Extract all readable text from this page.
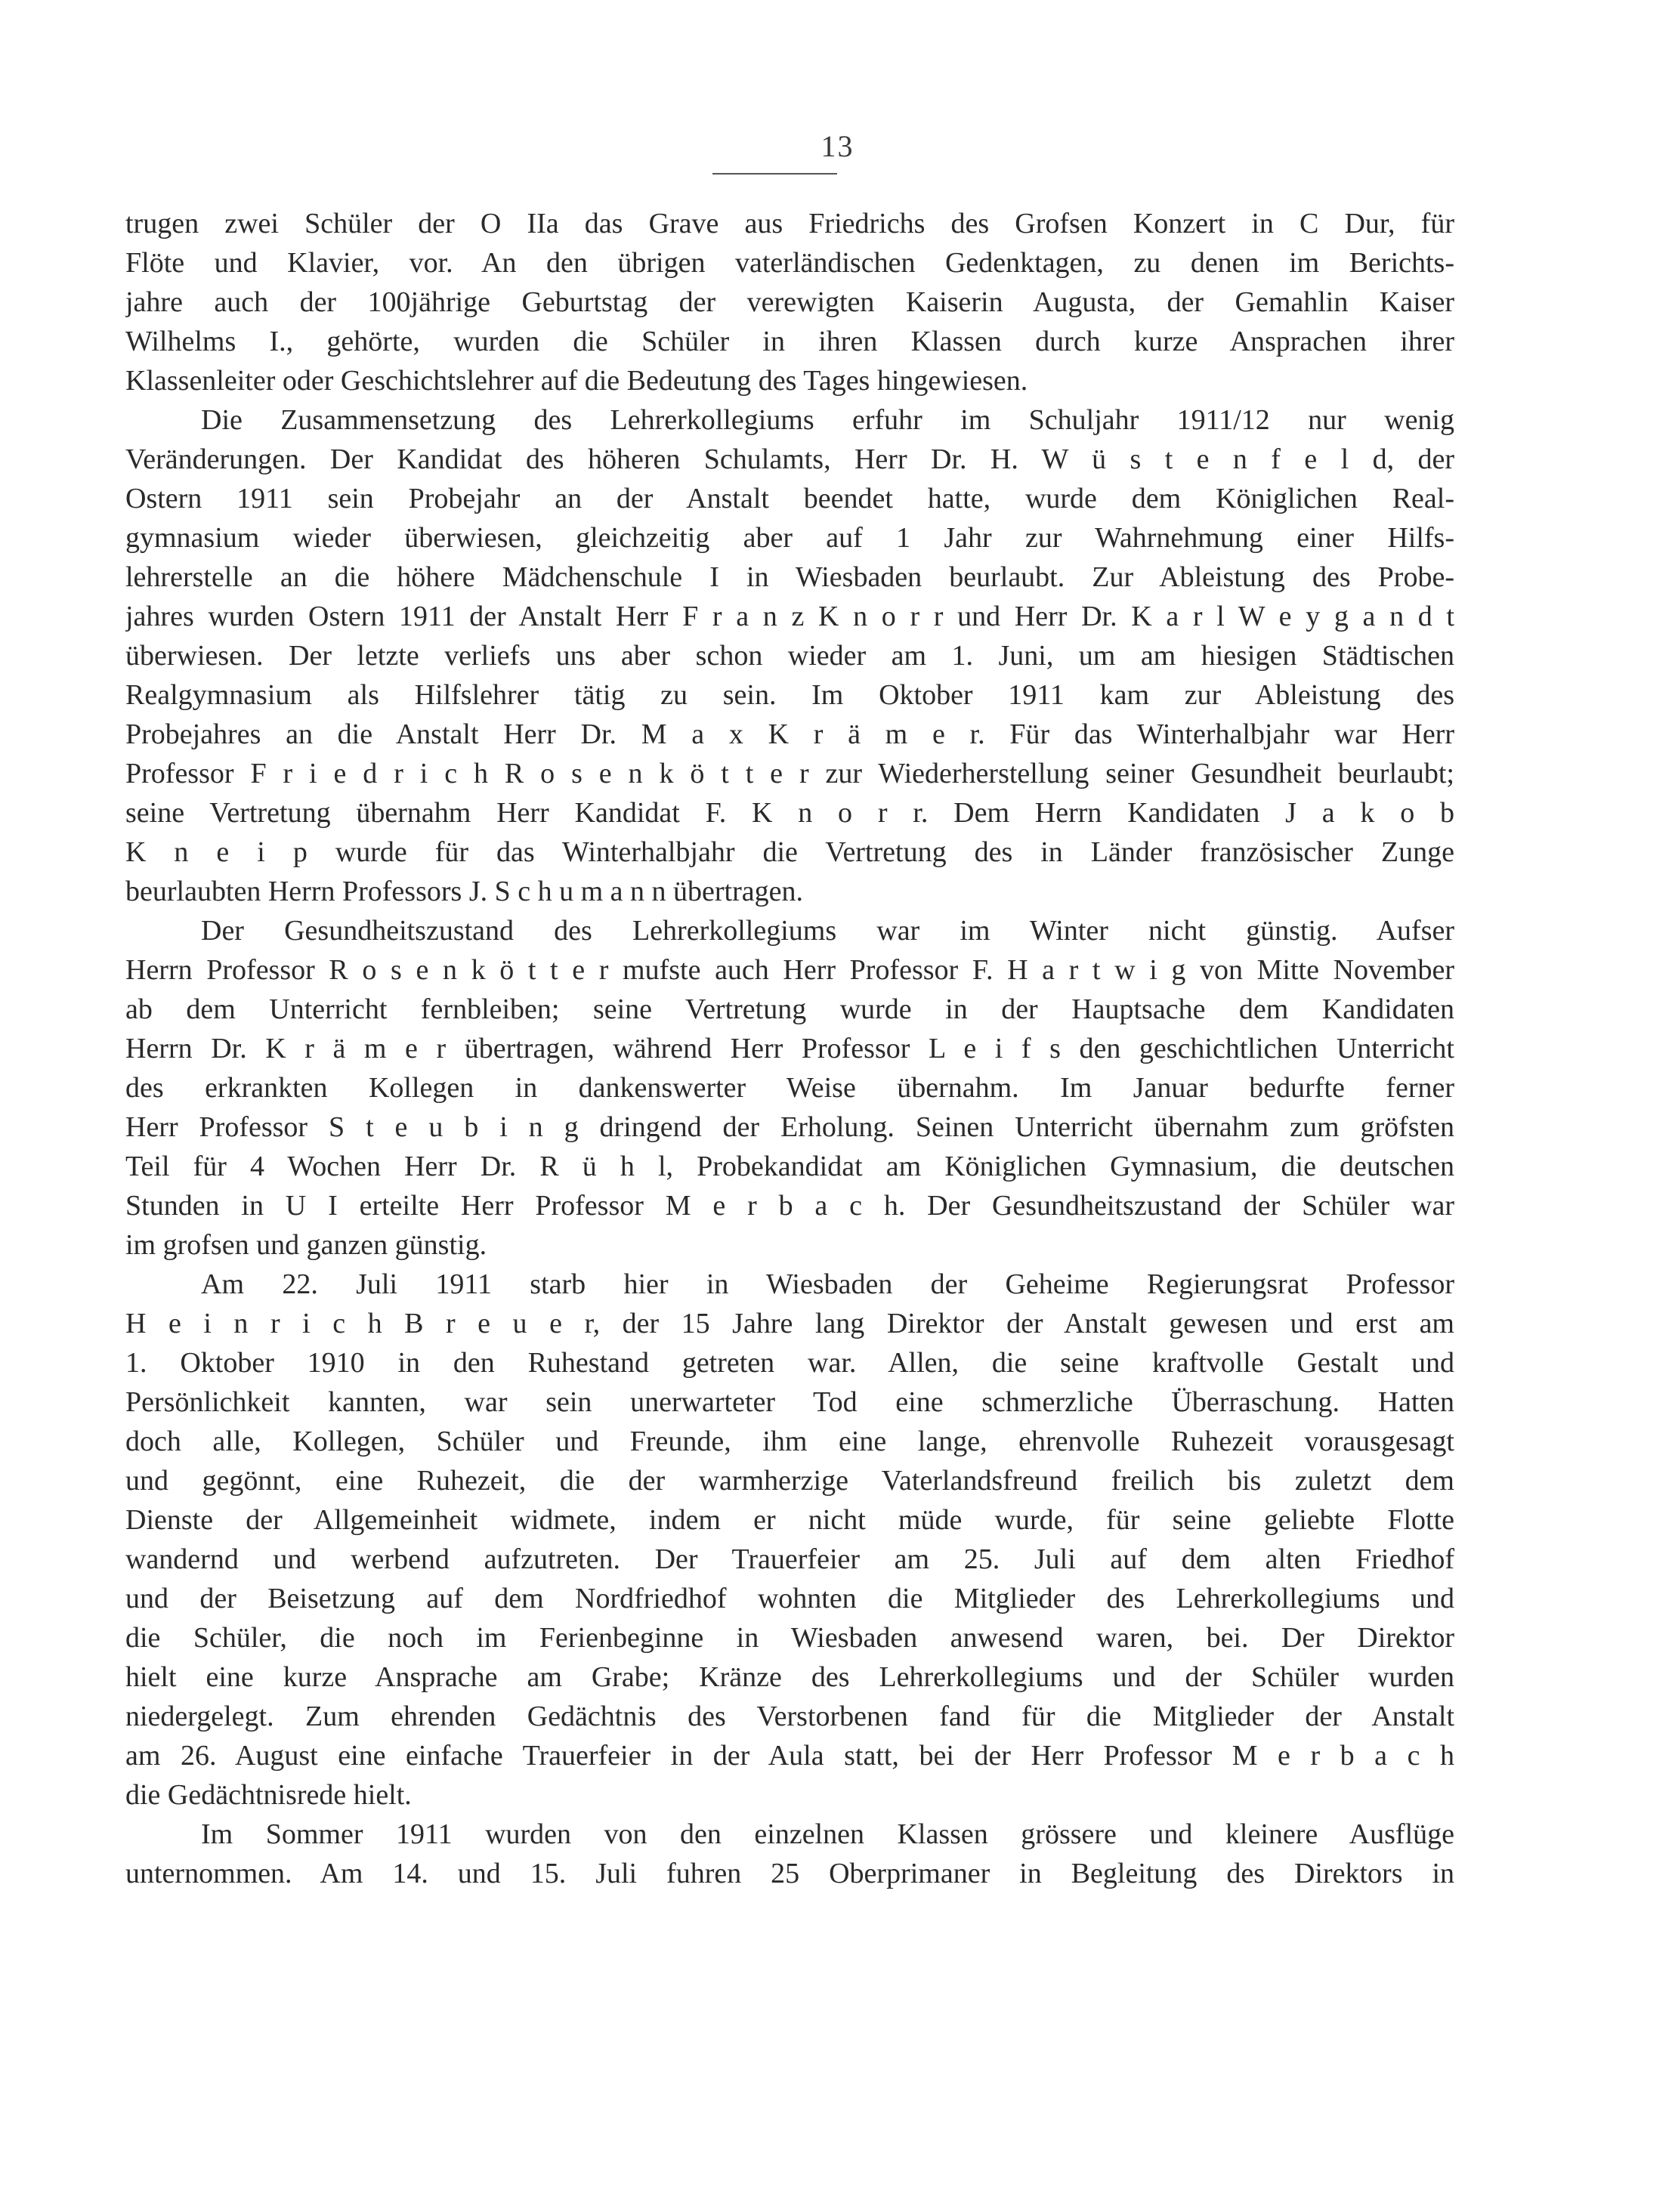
13
trugen zwei Schüler der O IIa das Grave aus Friedrichs des Grofsen Konzert in C Dur, für
Flöte und Klavier, vor. An den übrigen vaterländischen Gedenktagen, zu denen im Berichts-
jahre auch der 100jährige Geburtstag der verewigten Kaiserin Augusta, der Gemahlin Kaiser
Wilhelms I., gehörte, wurden die Schüler in ihren Klassen durch kurze Ansprachen ihrer
Klassenleiter oder Geschichtslehrer auf die Bedeutung des Tages hingewiesen.
Die Zusammensetzung des Lehrerkollegiums erfuhr im Schuljahr 1911/12 nur wenig
Veränderungen. Der Kandidat des höheren Schulamts, Herr Dr. H. W ü s t e n f e l d, der
Ostern 1911 sein Probejahr an der Anstalt beendet hatte, wurde dem Königlichen Real-
gymnasium wieder überwiesen, gleichzeitig aber auf 1 Jahr zur Wahrnehmung einer Hilfs-
lehrerstelle an die höhere Mädchenschule I in Wiesbaden beurlaubt. Zur Ableistung des Probe-
jahres wurden Ostern 1911 der Anstalt Herr F r a n z K n o r r und Herr Dr. K a r l W e y g a n d t
überwiesen. Der letzte verliefs uns aber schon wieder am 1. Juni, um am hiesigen Städtischen
Realgymnasium als Hilfslehrer tätig zu sein. Im Oktober 1911 kam zur Ableistung des
Probejahres an die Anstalt Herr Dr. M a x K r ä m e r. Für das Winterhalbjahr war Herr
Professor F r i e d r i c h R o s e n k ö t t e r zur Wiederherstellung seiner Gesundheit beurlaubt;
seine Vertretung übernahm Herr Kandidat F. K n o r r. Dem Herrn Kandidaten J a k o b
K n e i p wurde für das Winterhalbjahr die Vertretung des in Länder französischer Zunge
beurlaubten Herrn Professors J. S c h u m a n n übertragen.
Der Gesundheitszustand des Lehrerkollegiums war im Winter nicht günstig. Aufser
Herrn Professor R o s e n k ö t t e r mufste auch Herr Professor F. H a r t w i g von Mitte November
ab dem Unterricht fernbleiben; seine Vertretung wurde in der Hauptsache dem Kandidaten
Herrn Dr. K r ä m e r übertragen, während Herr Professor L e i f s den geschichtlichen Unterricht
des erkrankten Kollegen in dankenswerter Weise übernahm. Im Januar bedurfte ferner
Herr Professor S t e u b i n g dringend der Erholung. Seinen Unterricht übernahm zum gröfsten
Teil für 4 Wochen Herr Dr. R ü h l, Probekandidat am Königlichen Gymnasium, die deutschen
Stunden in U I erteilte Herr Professor M e r b a c h. Der Gesundheitszustand der Schüler war
im grofsen und ganzen günstig.
Am 22. Juli 1911 starb hier in Wiesbaden der Geheime Regierungsrat Professor
H e i n r i c h B r e u e r, der 15 Jahre lang Direktor der Anstalt gewesen und erst am
1. Oktober 1910 in den Ruhestand getreten war. Allen, die seine kraftvolle Gestalt und
Persönlichkeit kannten, war sein unerwarteter Tod eine schmerzliche Überraschung. Hatten
doch alle, Kollegen, Schüler und Freunde, ihm eine lange, ehrenvolle Ruhezeit vorausgesagt
und gegönnt, eine Ruhezeit, die der warmherzige Vaterlandsfreund freilich bis zuletzt dem
Dienste der Allgemeinheit widmete, indem er nicht müde wurde, für seine geliebte Flotte
wandernd und werbend aufzutreten. Der Trauerfeier am 25. Juli auf dem alten Friedhof
und der Beisetzung auf dem Nordfriedhof wohnten die Mitglieder des Lehrerkollegiums und
die Schüler, die noch im Ferienbeginne in Wiesbaden anwesend waren, bei. Der Direktor
hielt eine kurze Ansprache am Grabe; Kränze des Lehrerkollegiums und der Schüler wurden
niedergelegt. Zum ehrenden Gedächtnis des Verstorbenen fand für die Mitglieder der Anstalt
am 26. August eine einfache Trauerfeier in der Aula statt, bei der Herr Professor M e r b a c h
die Gedächtnisrede hielt.
Im Sommer 1911 wurden von den einzelnen Klassen grössere und kleinere Ausflüge
unternommen. Am 14. und 15. Juli fuhren 25 Oberprimaner in Begleitung des Direktors in
